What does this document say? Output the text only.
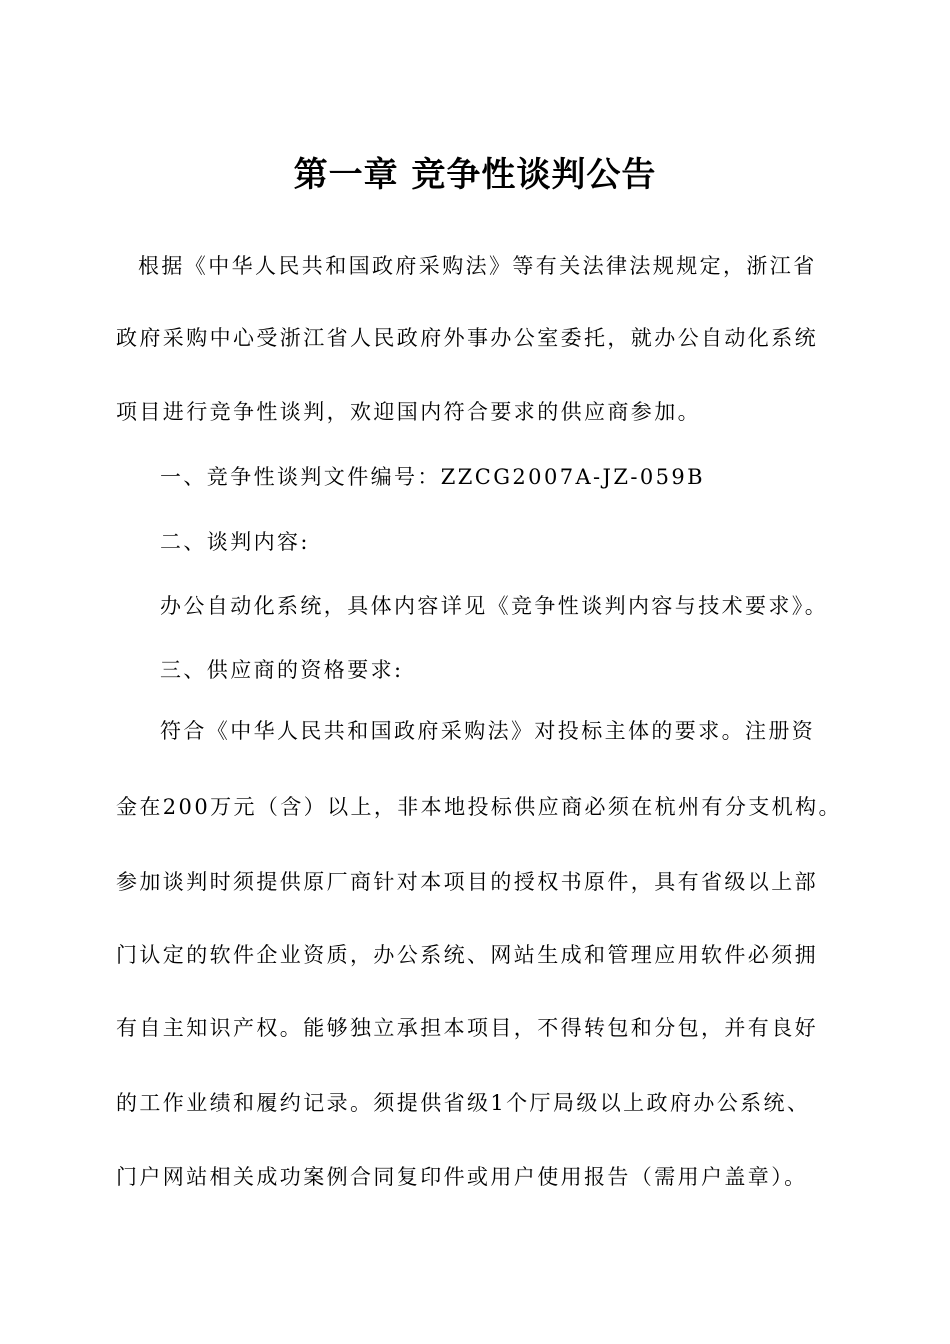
第一章 竞争性谈判公告
根据《中华人民共和国政府采购法》等有关法律法规规定，浙江省
政府采购中心受浙江省人民政府外事办公室委托，就办公自动化系统
项目进行竞争性谈判，欢迎国内符合要求的供应商参加。
一、竞争性谈判文件编号：ZZCG2007A-JZ-059B
二、谈判内容:
办公自动化系统，具体内容详见《竞争性谈判内容与技术要求》。
三、供应商的资格要求:
符合《中华人民共和国政府采购法》对投标主体的要求。注册资
金在200万元（含）以上，非本地投标供应商必须在杭州有分支机构。
参加谈判时须提供原厂商针对本项目的授权书原件，具有省级以上部
门认定的软件企业资质，办公系统、网站生成和管理应用软件必须拥
有自主知识产权。能够独立承担本项目，不得转包和分包，并有良好
的工作业绩和履约记录。须提供省级1个厅局级以上政府办公系统、
门户网站相关成功案例合同复印件或用户使用报告（需用户盖章）。
